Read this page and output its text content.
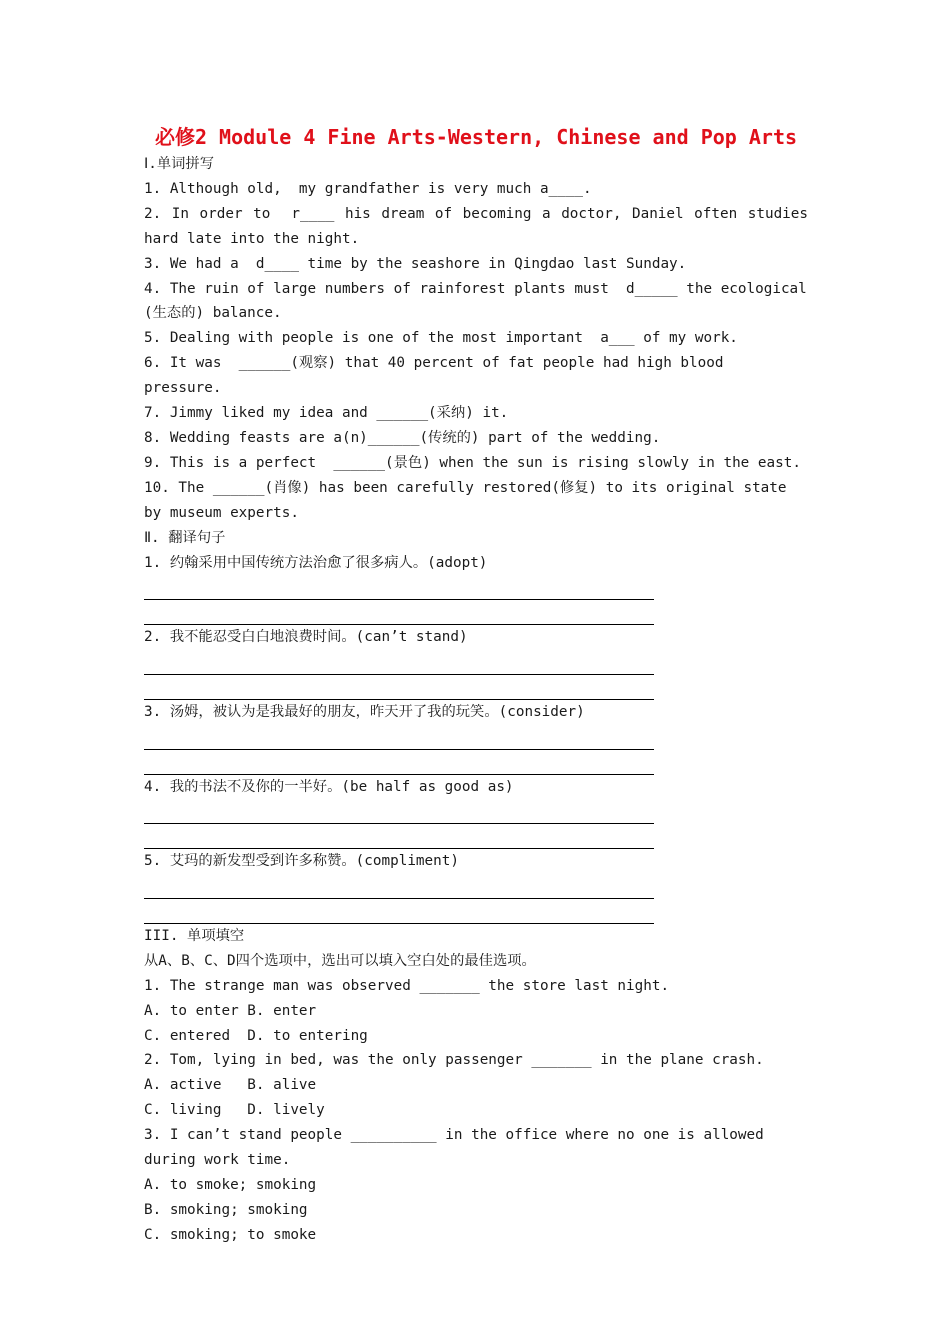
必修2 Module 4 Fine Arts-Western, Chinese and Pop Arts
Ⅰ.单词拼写
1. Although old,  my grandfather is very much a____.
2. In order to  r____ his dream of becoming a doctor, Daniel often studies hard late into the night.
3. We had a  d____ time by the seashore in Qingdao last Sunday.
4. The ruin of large numbers of rainforest plants must  d_____ the ecological (生态的) balance.
5. Dealing with people is one of the most important  a___ of my work.
6. It was  ______(观察) that 40 percent of fat people had high blood pressure.
7. Jimmy liked my idea and ______(采纳) it.
8. Wedding feasts are a(n)______(传统的) part of the wedding.
9. This is a perfect  ______(景色) when the sun is rising slowly in the east.
10. The ______(肖像) has been carefully restored(修复) to its original state by museum experts.
Ⅱ. 翻译句子
1. 约翰采用中国传统方法治愈了很多病人。(adopt)
2. 我不能忍受白白地浪费时间。(can’t stand)
3. 汤姆，被认为是我最好的朋友，昨天开了我的玩笑。(consider)
4. 我的书法不及你的一半好。(be half as good as)
5. 艾玛的新发型受到许多称赞。(compliment)
III. 单项填空
从A、B、C、D四个选项中，选出可以填入空白处的最佳选项。
1. The strange man was observed _______ the store last night.
A. to enter B. enter
C. entered  D. to entering
2. Tom, lying in bed, was the only passenger _______ in the plane crash.
A. active   B. alive
C. living   D. lively
3. I can’t stand people __________ in the office where no one is allowed during work time.
A. to smoke; smoking
B. smoking; smoking
C. smoking; to smoke
